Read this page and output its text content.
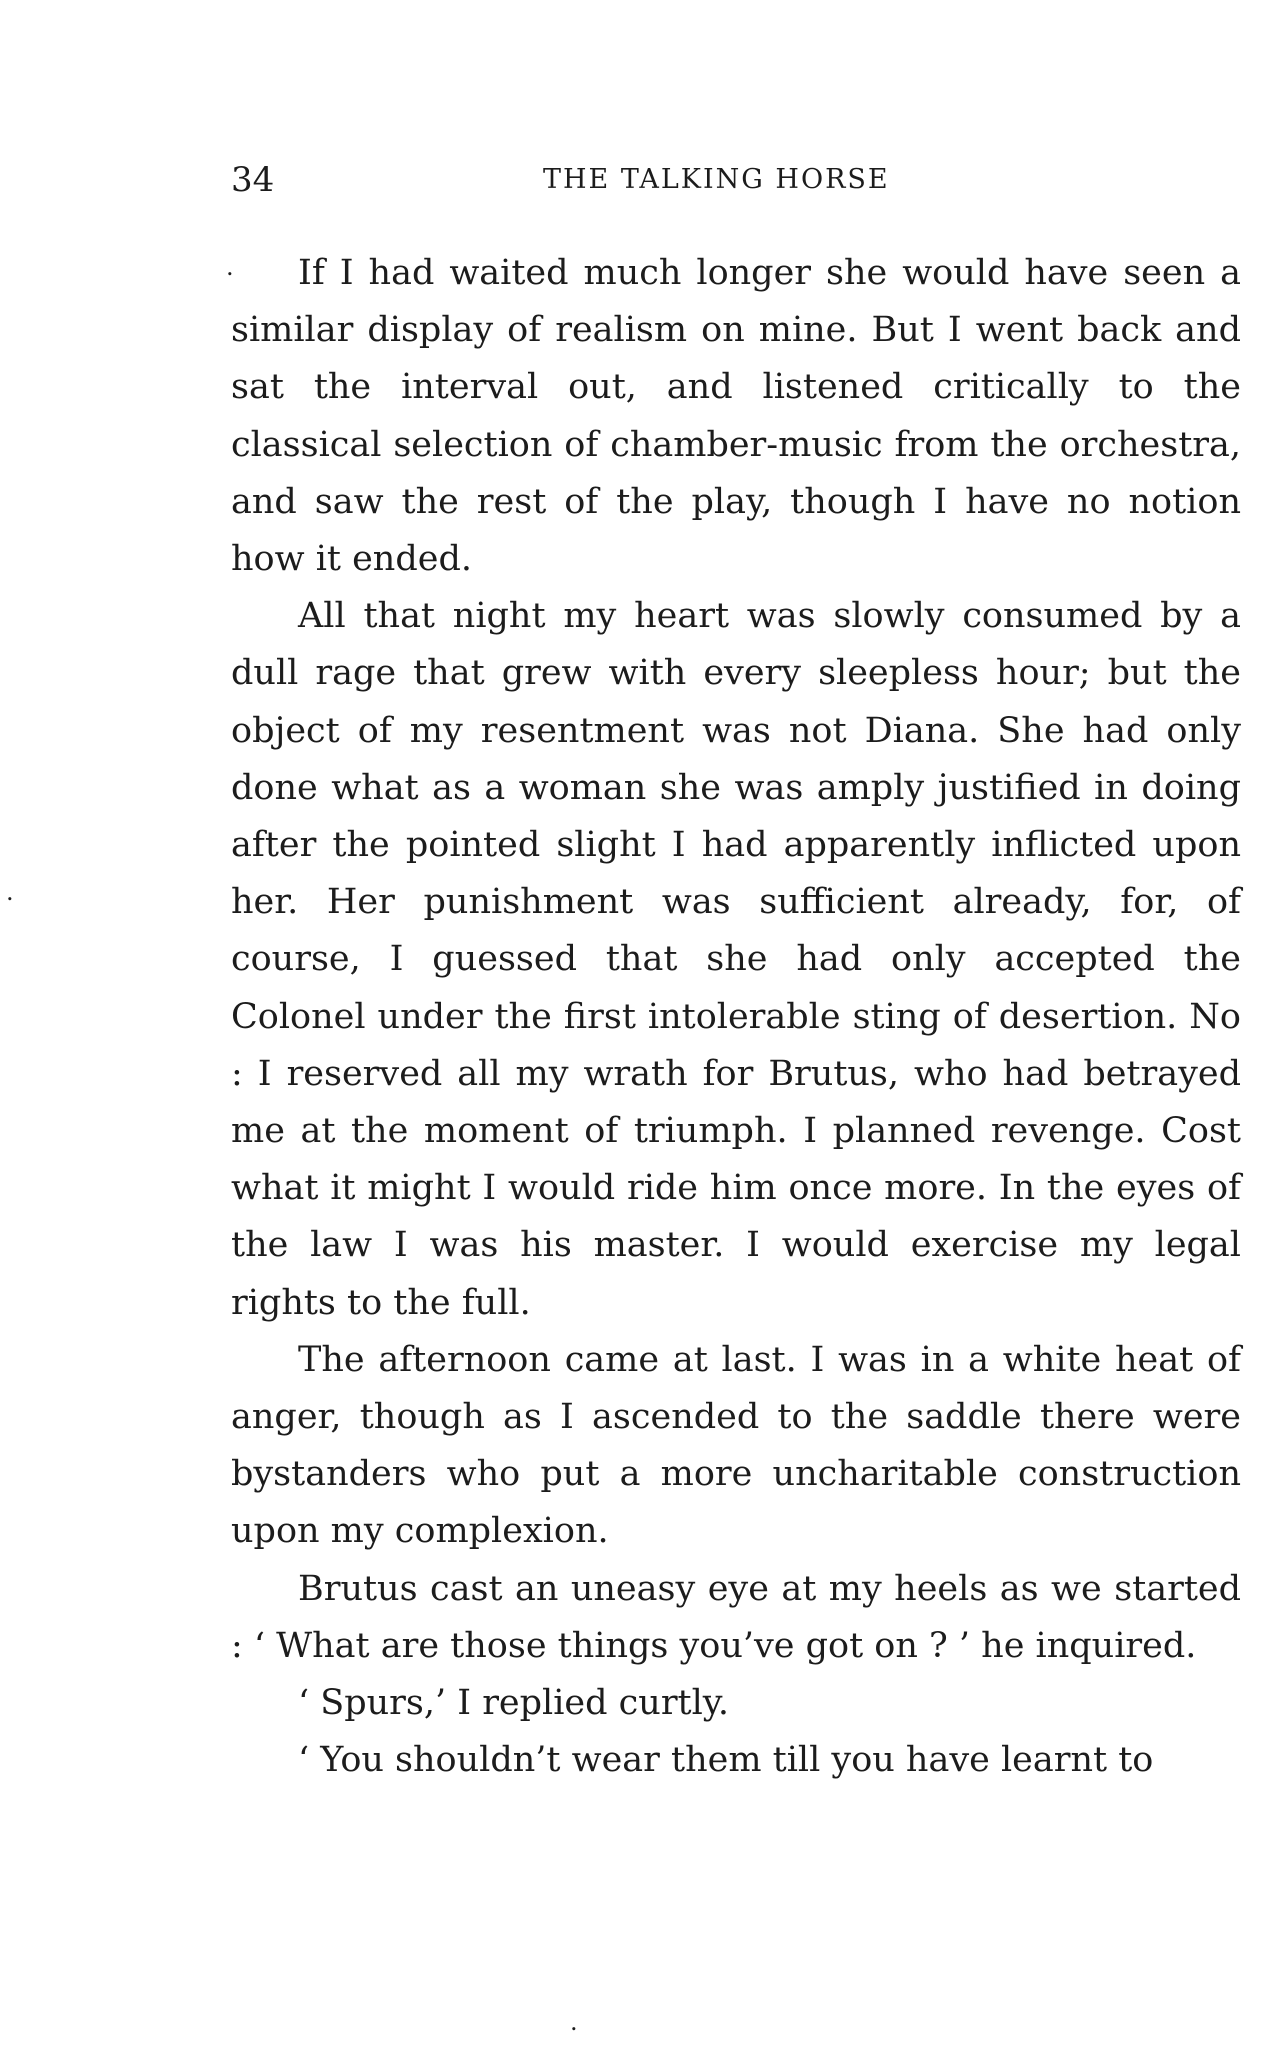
34	THE TALKING HORSE

If I had waited much longer she would have seen a similar display of realism on mine. But I went back and sat the interval out, and listened critically to the classical selection of chamber-music from the orchestra, and saw the rest of the play, though I have no notion how it ended.

All that night my heart was slowly consumed by a dull rage that grew with every sleepless hour; but the object of my resentment was not Diana. She had only done what as a woman she was amply justified in doing after the pointed slight I had apparently inflicted upon her. Her punishment was sufficient already, for, of course, I guessed that she had only accepted the Colonel under the first intolerable sting of desertion. No : I reserved all my wrath for Brutus, who had betrayed me at the moment of triumph. I planned revenge. Cost what it might I would ride him once more. In the eyes of the law I was his master. I would exercise my legal rights to the full.

The afternoon came at last. I was in a white heat of anger, though as I ascended to the saddle there were bystanders who put a more uncharitable construction upon my complexion.

Brutus cast an uneasy eye at my heels as we started : ‘ What are those things you’ve got on ? ’ he inquired.

‘ Spurs,’ I replied curtly.

‘ You shouldn’t wear them till you have learnt to

.
.
.
